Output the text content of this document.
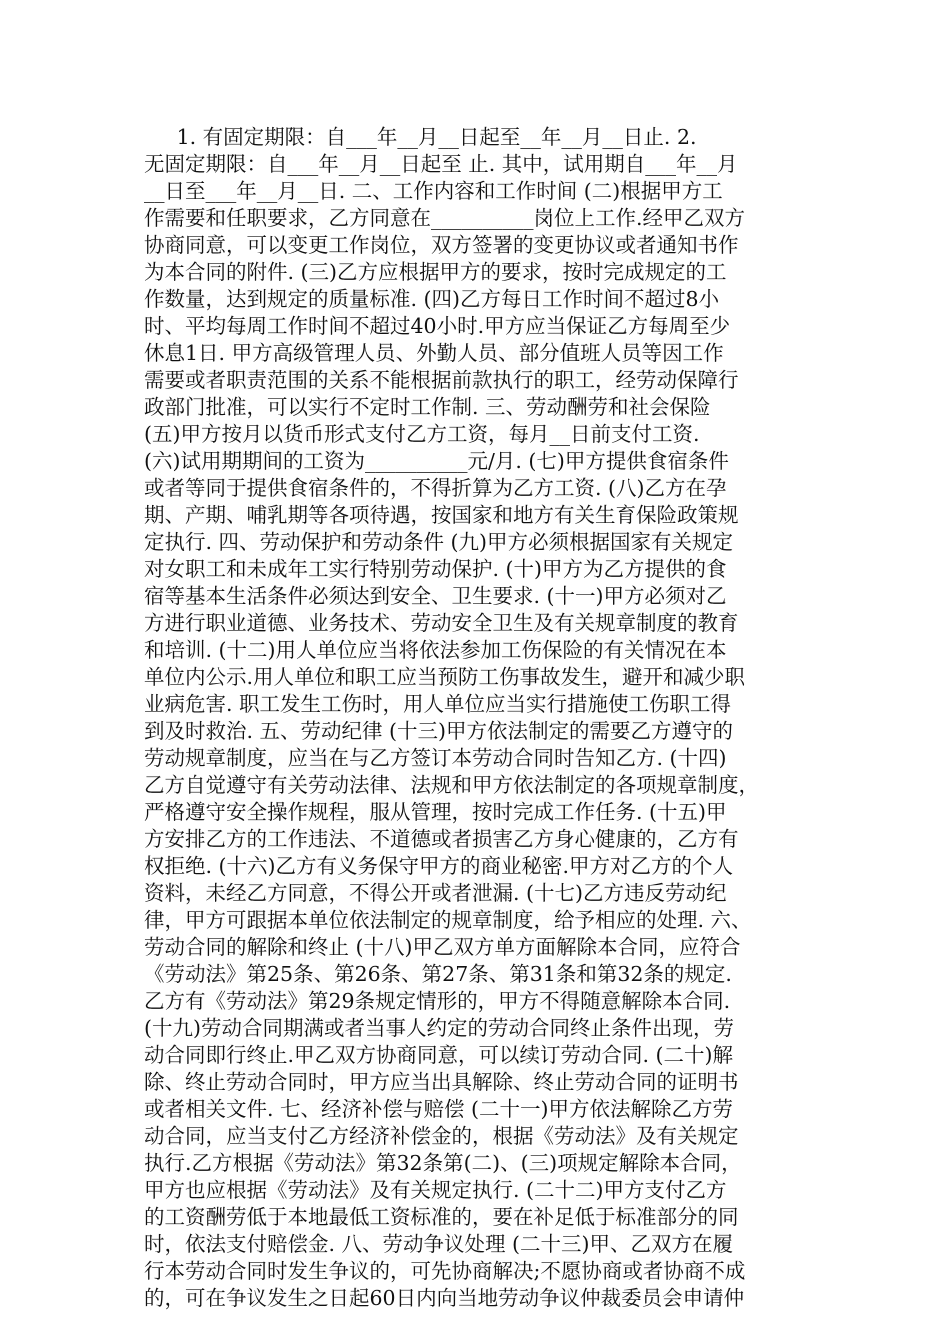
1. 有固定期限：自___年__月__日起至__年__月__日止. 2.
无固定期限：自___年__月__日起至 止. 其中，试用期自___年__月
__日至___年__月__日. 二、工作内容和工作时间 (二)根据甲方工
作需要和任职要求，乙方同意在__________岗位上工作.经甲乙双方
协商同意，可以变更工作岗位，双方签署的变更协议或者通知书作
为本合同的附件. (三)乙方应根据甲方的要求，按时完成规定的工
作数量，达到规定的质量标准. (四)乙方每日工作时间不超过8小
时、平均每周工作时间不超过40小时.甲方应当保证乙方每周至少
休息1日. 甲方高级管理人员、外勤人员、部分值班人员等因工作
需要或者职责范围的关系不能根据前款执行的职工，经劳动保障行
政部门批准，可以实行不定时工作制. 三、劳动酬劳和社会保险
(五)甲方按月以货币形式支付乙方工资，每月__日前支付工资.
(六)试用期期间的工资为__________元/月. (七)甲方提供食宿条件
或者等同于提供食宿条件的，不得折算为乙方工资. (八)乙方在孕
期、产期、哺乳期等各项待遇，按国家和地方有关生育保险政策规
定执行. 四、劳动保护和劳动条件 (九)甲方必须根据国家有关规定
对女职工和未成年工实行特别劳动保护. (十)甲方为乙方提供的食
宿等基本生活条件必须达到安全、卫生要求. (十一)甲方必须对乙
方进行职业道德、业务技术、劳动安全卫生及有关规章制度的教育
和培训. (十二)用人单位应当将依法参加工伤保险的有关情况在本
单位内公示.用人单位和职工应当预防工伤事故发生，避开和减少职
业病危害. 职工发生工伤时，用人单位应当实行措施使工伤职工得
到及时救治. 五、劳动纪律 (十三)甲方依法制定的需要乙方遵守的
劳动规章制度，应当在与乙方签订本劳动合同时告知乙方. (十四)
乙方自觉遵守有关劳动法律、法规和甲方依法制定的各项规章制度，
严格遵守安全操作规程，服从管理，按时完成工作任务. (十五)甲
方安排乙方的工作违法、不道德或者损害乙方身心健康的，乙方有
权拒绝. (十六)乙方有义务保守甲方的商业秘密.甲方对乙方的个人
资料，未经乙方同意，不得公开或者泄漏. (十七)乙方违反劳动纪
律，甲方可跟据本单位依法制定的规章制度，给予相应的处理. 六、
劳动合同的解除和终止 (十八)甲乙双方单方面解除本合同，应符合
《劳动法》第25条、第26条、第27条、第31条和第32条的规定.
乙方有《劳动法》第29条规定情形的，甲方不得随意解除本合同.
(十九)劳动合同期满或者当事人约定的劳动合同终止条件出现，劳
动合同即行终止.甲乙双方协商同意，可以续订劳动合同. (二十)解
除、终止劳动合同时，甲方应当出具解除、终止劳动合同的证明书
或者相关文件. 七、经济补偿与赔偿 (二十一)甲方依法解除乙方劳
动合同，应当支付乙方经济补偿金的，根据《劳动法》及有关规定
执行.乙方根据《劳动法》第32条第(二)、(三)项规定解除本合同，
甲方也应根据《劳动法》及有关规定执行. (二十二)甲方支付乙方
的工资酬劳低于本地最低工资标准的，要在补足低于标准部分的同
时，依法支付赔偿金. 八、劳动争议处理 (二十三)甲、乙双方在履
行本劳动合同时发生争议的，可先协商解决;不愿协商或者协商不成
的，可在争议发生之日起60日内向当地劳动争议仲裁委员会申请仲
